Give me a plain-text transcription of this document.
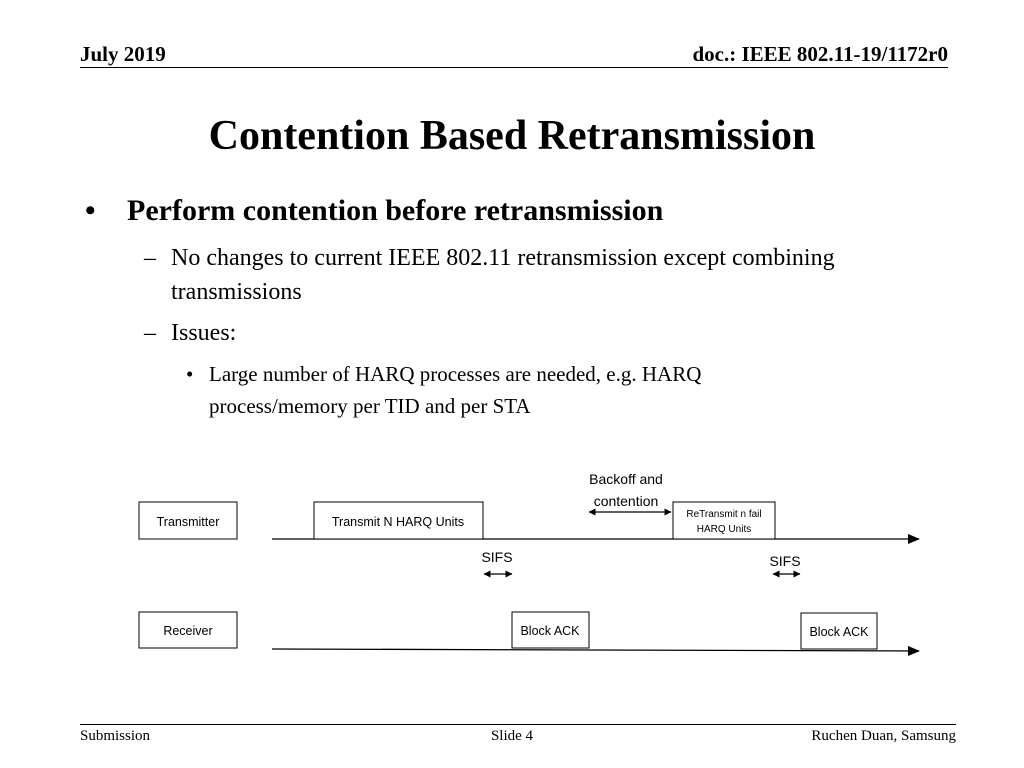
July 2019	doc.: IEEE 802.11-19/1172r0
Contention Based Retransmission
• Perform contention before retransmission
– No changes to current IEEE 802.11 retransmission except combining transmissions
– Issues:
• Large number of HARQ processes are needed, e.g. HARQ process/memory per TID and per STA
Transmitter	Transmit N HARQ Units
Backoff and
contention
ReTransmit n fail
HARQ Units
SIFS	SIFS
Receiver	Block ACK	Block ACK
Submission	Slide 4	Ruchen Duan, Samsung
